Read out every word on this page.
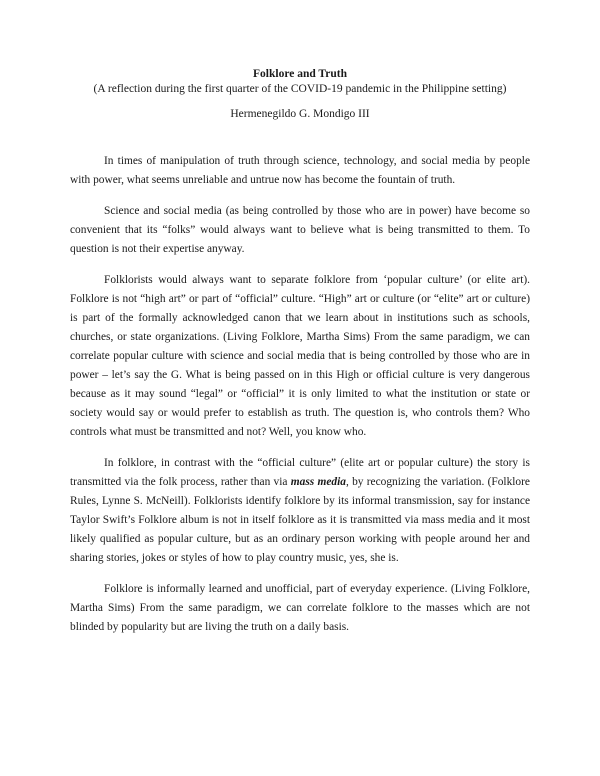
Folklore and Truth
(A reflection during the first quarter of the COVID-19 pandemic in the Philippine setting)
Hermenegildo G. Mondigo III

In times of manipulation of truth through science, technology, and social media by people with power, what seems unreliable and untrue now has become the fountain of truth.

Science and social media (as being controlled by those who are in power) have become so convenient that its “folks” would always want to believe what is being transmitted to them. To question is not their expertise anyway.

Folklorists would always want to separate folklore from ‘popular culture’ (or elite art). Folklore is not “high art” or part of “official” culture. “High” art or culture (or “elite” art or culture) is part of the formally acknowledged canon that we learn about in institutions such as schools, churches, or state organizations. (Living Folklore, Martha Sims) From the same paradigm, we can correlate popular culture with science and social media that is being controlled by those who are in power – let’s say the G. What is being passed on in this High or official culture is very dangerous because as it may sound “legal” or “official” it is only limited to what the institution or state or society would say or would prefer to establish as truth. The question is, who controls them? Who controls what must be transmitted and not? Well, you know who.

In folklore, in contrast with the “official culture” (elite art or popular culture) the story is transmitted via the folk process, rather than via mass media, by recognizing the variation. (Folklore Rules, Lynne S. McNeill). Folklorists identify folklore by its informal transmission, say for instance Taylor Swift’s Folklore album is not in itself folklore as it is transmitted via mass media and it most likely qualified as popular culture, but as an ordinary person working with people around her and sharing stories, jokes or styles of how to play country music, yes, she is.

Folklore is informally learned and unofficial, part of everyday experience. (Living Folklore, Martha Sims) From the same paradigm, we can correlate folklore to the masses which are not blinded by popularity but are living the truth on a daily basis.
